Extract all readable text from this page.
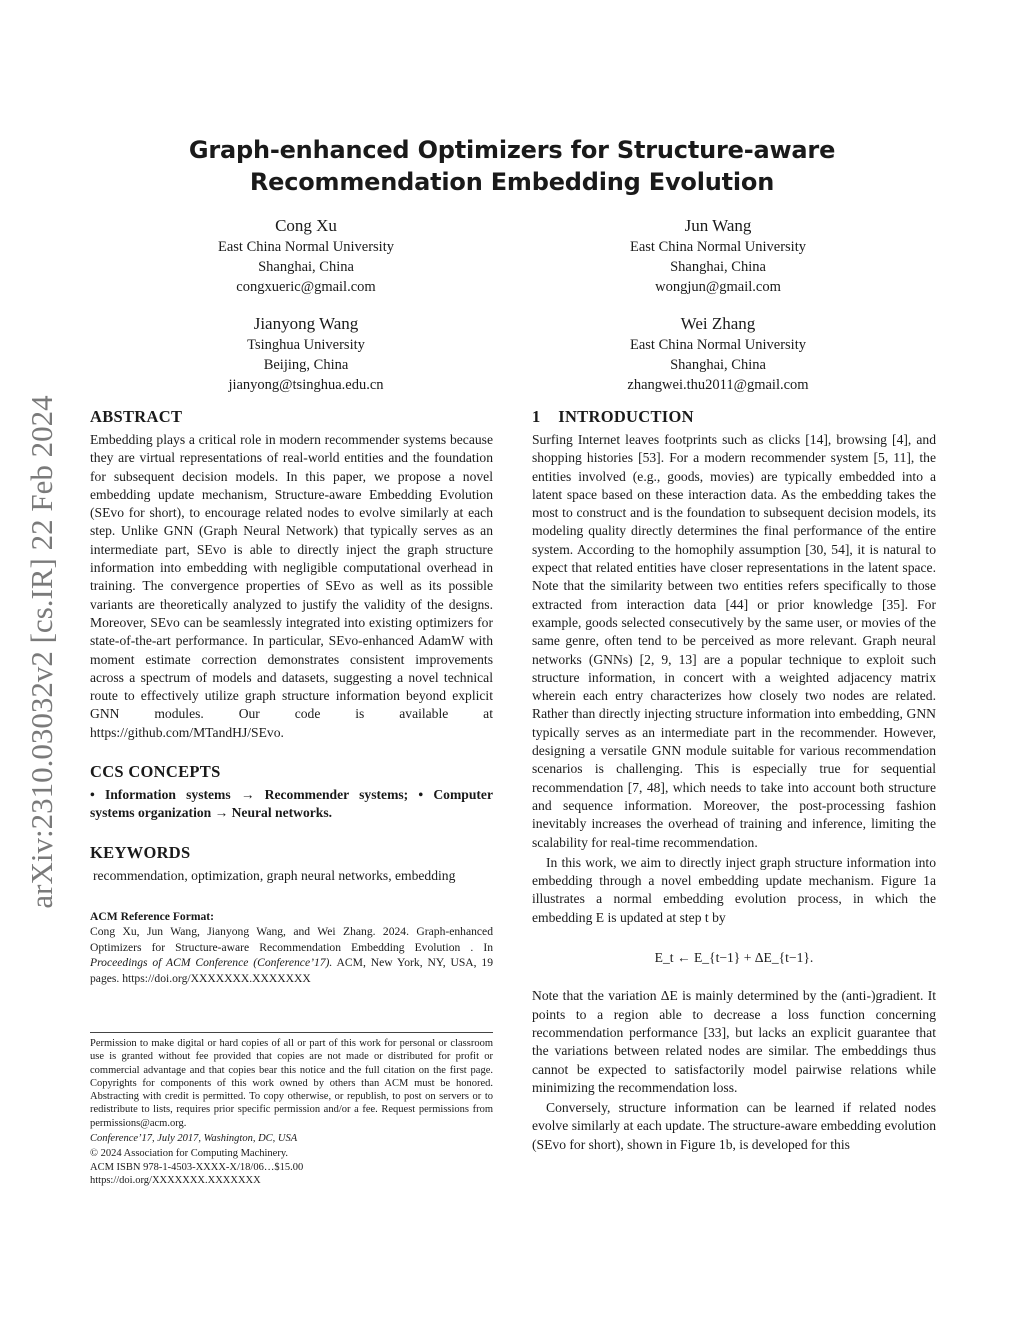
arXiv:2310.03032v2 [cs.IR] 22 Feb 2024
Graph-enhanced Optimizers for Structure-aware
Recommendation Embedding Evolution
Cong Xu
East China Normal University
Shanghai, China
congxueric@gmail.com
Jun Wang
East China Normal University
Shanghai, China
wongjun@gmail.com
Jianyong Wang
Tsinghua University
Beijing, China
jianyong@tsinghua.edu.cn
Wei Zhang
East China Normal University
Shanghai, China
zhangwei.thu2011@gmail.com
ABSTRACT

Embedding plays a critical role in modern recommender systems because they are virtual representations of real-world entities and the foundation for subsequent decision models. In this paper, we propose a novel embedding update mechanism, Structure-aware Embedding Evolution (SEvo for short), to encourage related nodes to evolve similarly at each step. Unlike GNN (Graph Neural Network) that typically serves as an intermediate part, SEvo is able to directly inject the graph structure information into embedding with negligible computational overhead in training. The convergence properties of SEvo as well as its possible variants are theoretically analyzed to justify the validity of the designs. Moreover, SEvo can be seamlessly integrated into existing optimizers for state-of-the-art performance. In particular, SEvo-enhanced AdamW with moment estimate correction demonstrates consistent improvements across a spectrum of models and datasets, suggesting a novel technical route to effectively utilize graph structure information beyond explicit GNN modules. Our code is available at https://github.com/MTandHJ/SEvo.

CCS CONCEPTS

• Information systems → Recommender systems; • Computer systems organization → Neural networks.

KEYWORDS

recommendation, optimization, graph neural networks, embedding

ACM Reference Format:

Cong Xu, Jun Wang, Jianyong Wang, and Wei Zhang. 2024. Graph-enhanced Optimizers for Structure-aware Recommendation Embedding Evolution . In Proceedings of ACM Conference (Conference’17). ACM, New York, NY, USA, 19 pages. https://doi.org/XXXXXXX.XXXXXXX

Permission to make digital or hard copies of all or part of this work for personal or classroom use is granted without fee provided that copies are not made or distributed for profit or commercial advantage and that copies bear this notice and the full citation on the first page. Copyrights for components of this work owned by others than ACM must be honored. Abstracting with credit is permitted. To copy otherwise, or republish, to post on servers or to redistribute to lists, requires prior specific permission and/or a fee. Request permissions from permissions@acm.org.

Conference’17, July 2017, Washington, DC, USA

© 2024 Association for Computing Machinery.

ACM ISBN 978-1-4503-XXXX-X/18/06…$15.00

https://doi.org/XXXXXXX.XXXXXXX

1    INTRODUCTION

Surfing Internet leaves footprints such as clicks [14], browsing [4], and shopping histories [53]. For a modern recommender system [5, 11], the entities involved (e.g., goods, movies) are typically embedded into a latent space based on these interaction data. As the embedding takes the most to construct and is the foundation to subsequent decision models, its modeling quality directly determines the final performance of the entire system. According to the homophily assumption [30, 54], it is natural to expect that related entities have closer representations in the latent space. Note that the similarity between two entities refers specifically to those extracted from interaction data [44] or prior knowledge [35]. For example, goods selected consecutively by the same user, or movies of the same genre, often tend to be perceived as more relevant. Graph neural networks (GNNs) [2, 9, 13] are a popular technique to exploit such structure information, in concert with a weighted adjacency matrix wherein each entry characterizes how closely two nodes are related. Rather than directly injecting structure information into embedding, GNN typically serves as an intermediate part in the recommender. However, designing a versatile GNN module suitable for various recommendation scenarios is challenging. This is especially true for sequential recommendation [7, 48], which needs to take into account both structure and sequence information. Moreover, the post-processing fashion inevitably increases the overhead of training and inference, limiting the scalability for real-time recommendation.

In this work, we aim to directly inject graph structure information into embedding through a novel embedding update mechanism. Figure 1a illustrates a normal embedding evolution process, in which the embedding E is updated at step t by

E_t ← E_{t−1} + ΔE_{t−1}.

Note that the variation ΔE is mainly determined by the (anti-)gradient. It points to a region able to decrease a loss function concerning recommendation performance [33], but lacks an explicit guarantee that the variations between related nodes are similar. The embeddings thus cannot be expected to satisfactorily model pairwise relations while minimizing the recommendation loss.

Conversely, structure information can be learned if related nodes evolve similarly at each update. The structure-aware embedding evolution (SEvo for short), shown in Figure 1b, is developed for this
